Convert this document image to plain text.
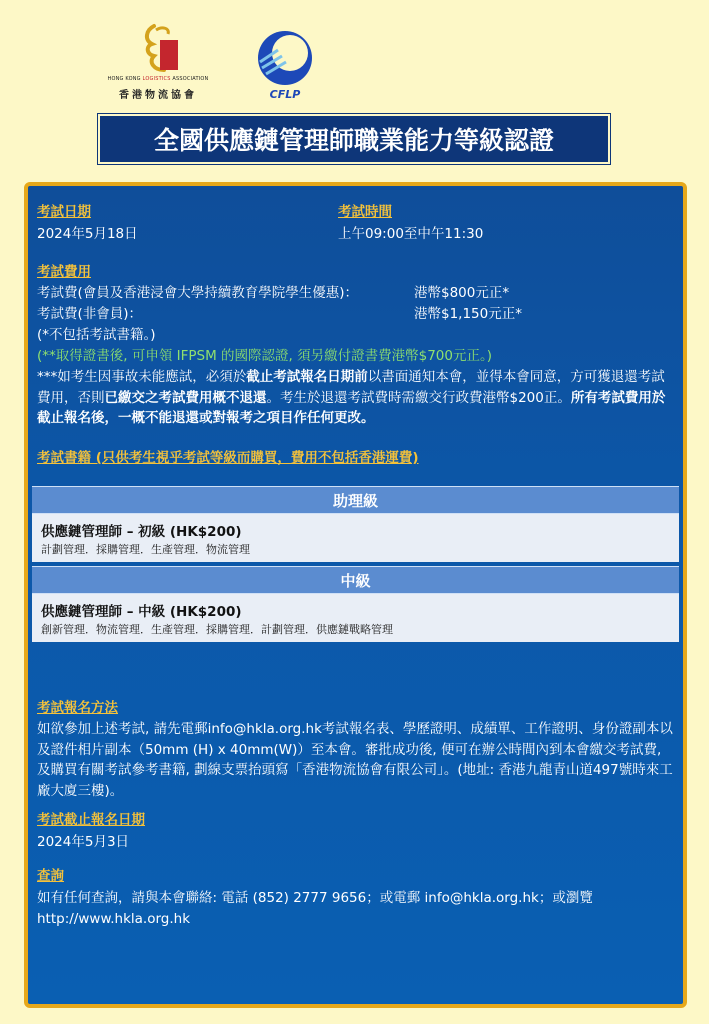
HONG KONG LOGISTICS ASSOCIATION
香港物流協會	CFLP
全國供應鏈管理師職業能力等級認證
考試日期
2024年5月18日
考試時間
上午09:00至中午11:30
考試費用
考試費(會員及香港浸會大學持續教育學院學生優惠)：	港幣$800元正*
考試費(非會員)：	港幣$1,150元正*
(*不包括考試書籍。)
(**取得證書後, 可申領 IFPSM 的國際認證, 須另繳付證書費港幣$700元正。)
***如考生因事故未能應試，必須於截止考試報名日期前以書面通知本會，並得本會同意，方可獲退還考試費用，否則已繳交之考試費用概不退還。考生於退還考試費時需繳交行政費港幣$200正。所有考試費用於截止報名後，一概不能退還或對報考之項目作任何更改。
考試書籍 (只供考生視乎考試等級而購買，費用不包括香港運費)
助理級
供應鏈管理師 – 初級 (HK$200)
計劃管理．採購管理．生產管理．物流管理
中級
供應鏈管理師 – 中級 (HK$200)
創新管理．物流管理．生產管理．採購管理．計劃管理．供應鏈戰略管理
考試報名方法
如欲參加上述考試, 請先電郵info@hkla.org.hk考試報名表、學歷證明、成績單、工作證明、身份證副本以及證件相片副本（50mm (H) x 40mm(W)）至本會。審批成功後, 便可在辦公時間內到本會繳交考試費, 及購買有關考試參考書籍, 劃線支票抬頭寫「香港物流協會有限公司」。(地址: 香港九龍青山道497號時來工廠大廈三樓)。
考試截止報名日期
2024年5月3日
查詢
如有任何查詢，請與本會聯絡: 電話 (852) 2777 9656；或電郵 info@hkla.org.hk；或瀏覽 http://www.hkla.org.hk
